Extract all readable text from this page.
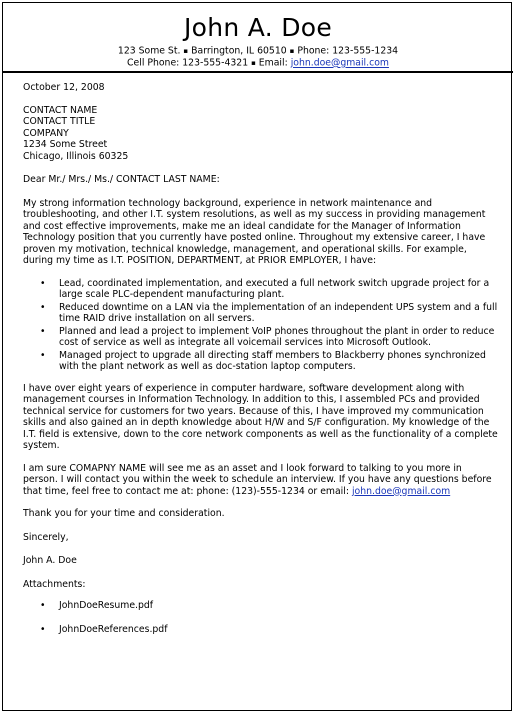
John A. Doe
123 Some St. ▪ Barrington, IL 60510 ▪ Phone: 123-555-1234
Cell Phone: 123-555-4321 ▪ Email: john.doe@gmail.com

October 12, 2008

CONTACT NAME

CONTACT TITLE

COMPANY

1234 Some Street

Chicago, Illinois 60325

Dear Mr./ Mrs./ Ms./ CONTACT LAST NAME:

My strong information technology background, experience in network maintenance and troubleshooting, and other I.T. system resolutions, as well as my success in providing management and cost effective improvements, make me an ideal candidate for the Manager of Information Technology position that you currently have posted online. Throughout my extensive career, I have proven my motivation, technical knowledge, management, and operational skills. For example, during my time as I.T. POSITION, DEPARTMENT, at PRIOR EMPLOYER, I have:

• Lead, coordinated implementation, and executed a full network switch upgrade project for a large scale PLC-dependent manufacturing plant.
• Reduced downtime on a LAN via the implementation of an independent UPS system and a full time RAID drive installation on all servers.
• Planned and lead a project to implement VoIP phones throughout the plant in order to reduce cost of service as well as integrate all voicemail services into Microsoft Outlook.
• Managed project to upgrade all directing staff members to Blackberry phones synchronized with the plant network as well as doc-station laptop computers.

I have over eight years of experience in computer hardware, software development along with management courses in Information Technology. In addition to this, I assembled PCs and provided technical service for customers for two years. Because of this, I have improved my communication skills and also gained an in depth knowledge about H/W and S/F configuration. My knowledge of the I.T. field is extensive, down to the core network components as well as the functionality of a complete system.

I am sure COMAPNY NAME will see me as an asset and I look forward to talking to you more in person. I will contact you within the week to schedule an interview. If you have any questions before that time, feel free to contact me at: phone: (123)-555-1234 or email: john.doe@gmail.com

Thank you for your time and consideration.

Sincerely,

John A. Doe

Attachments:

• JohnDoeResume.pdf
• JohnDoeReferences.pdf
